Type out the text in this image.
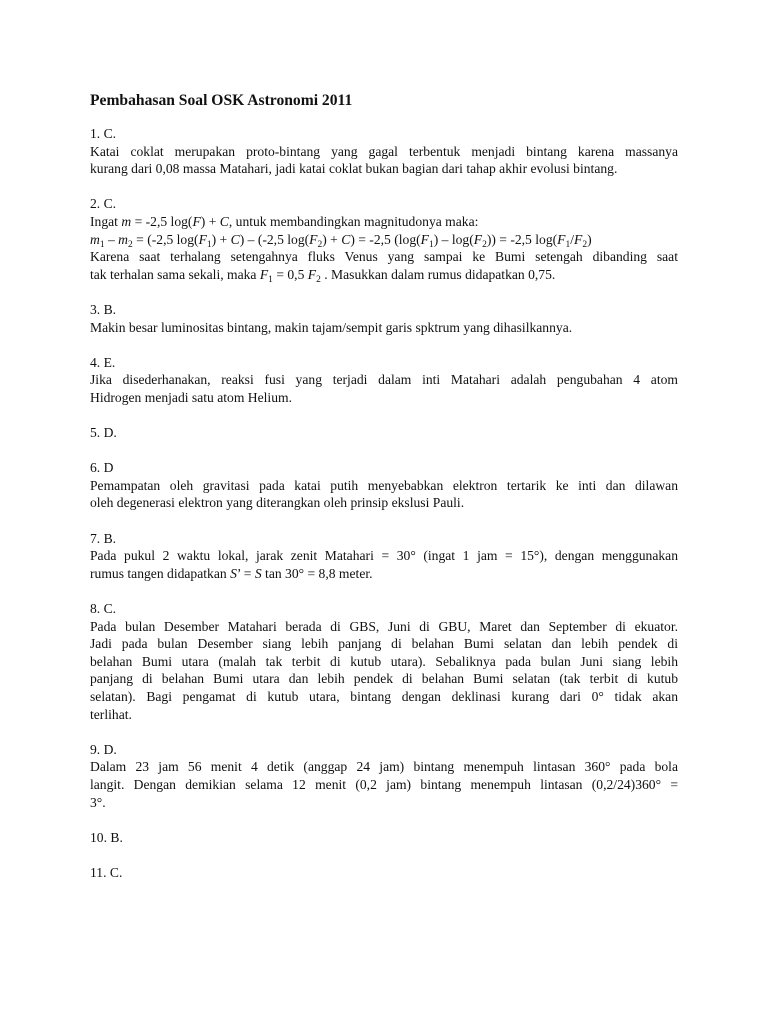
Pembahasan Soal OSK Astronomi 2011
1. C.
Katai coklat merupakan proto-bintang yang gagal terbentuk menjadi bintang karena massanya
kurang dari 0,08 massa Matahari, jadi katai coklat bukan bagian dari tahap akhir evolusi bintang.
2. C.
Ingat m = -2,5 log(F) + C, untuk membandingkan magnitudonya maka:
$m_1 - m_2 = (-2,5$ $\log(F_1) + C) - (-2,5$ $\log(F_2) + C) = -2,5$ $(\log(F_1) - \log(F_2)) = -2,5$ $\log(F_1/F_2)$
Karena saat terhalang setengahnya fluks Venus yang sampai ke Bumi setengah dibanding saat
tak terhalan sama sekali, maka $F_1 = 0,5$ $F_2$ . Masukkan dalam rumus didapatkan 0,75.
3. B.
Makin besar luminositas bintang, makin tajam/sempit garis spktrum yang dihasilkannya.
4. E.
Jika disederhanakan, reaksi fusi yang terjadi dalam inti Matahari adalah pengubahan 4 atom
Hidrogen menjadi satu atom Helium.
5. D.
6. D
Pemampatan oleh gravitasi pada katai putih menyebabkan elektron tertarik ke inti dan dilawan
oleh degenerasi elektron yang diterangkan oleh prinsip ekslusi Pauli.
7. B.
Pada pukul 2 waktu lokal, jarak zenit Matahari = 30° (ingat 1 jam = 15°), dengan menggunakan
rumus tangen didapatkan S’ = S tan 30° = 8,8 meter.
8. C.
Pada bulan Desember Matahari berada di GBS, Juni di GBU, Maret dan September di ekuator.
Jadi pada bulan Desember siang lebih panjang di belahan Bumi selatan dan lebih pendek di
belahan Bumi utara (malah tak terbit di kutub utara). Sebaliknya pada bulan Juni siang lebih
panjang di belahan Bumi utara dan lebih pendek di belahan Bumi selatan (tak terbit di kutub
selatan). Bagi pengamat di kutub utara, bintang dengan deklinasi kurang dari 0° tidak akan
terlihat.
9. D.
Dalam 23 jam 56 menit 4 detik (anggap 24 jam) bintang menempuh lintasan 360° pada bola
langit. Dengan demikian selama 12 menit (0,2 jam) bintang menempuh lintasan (0,2/24)360° =
3°.
10. B.
11. C.
